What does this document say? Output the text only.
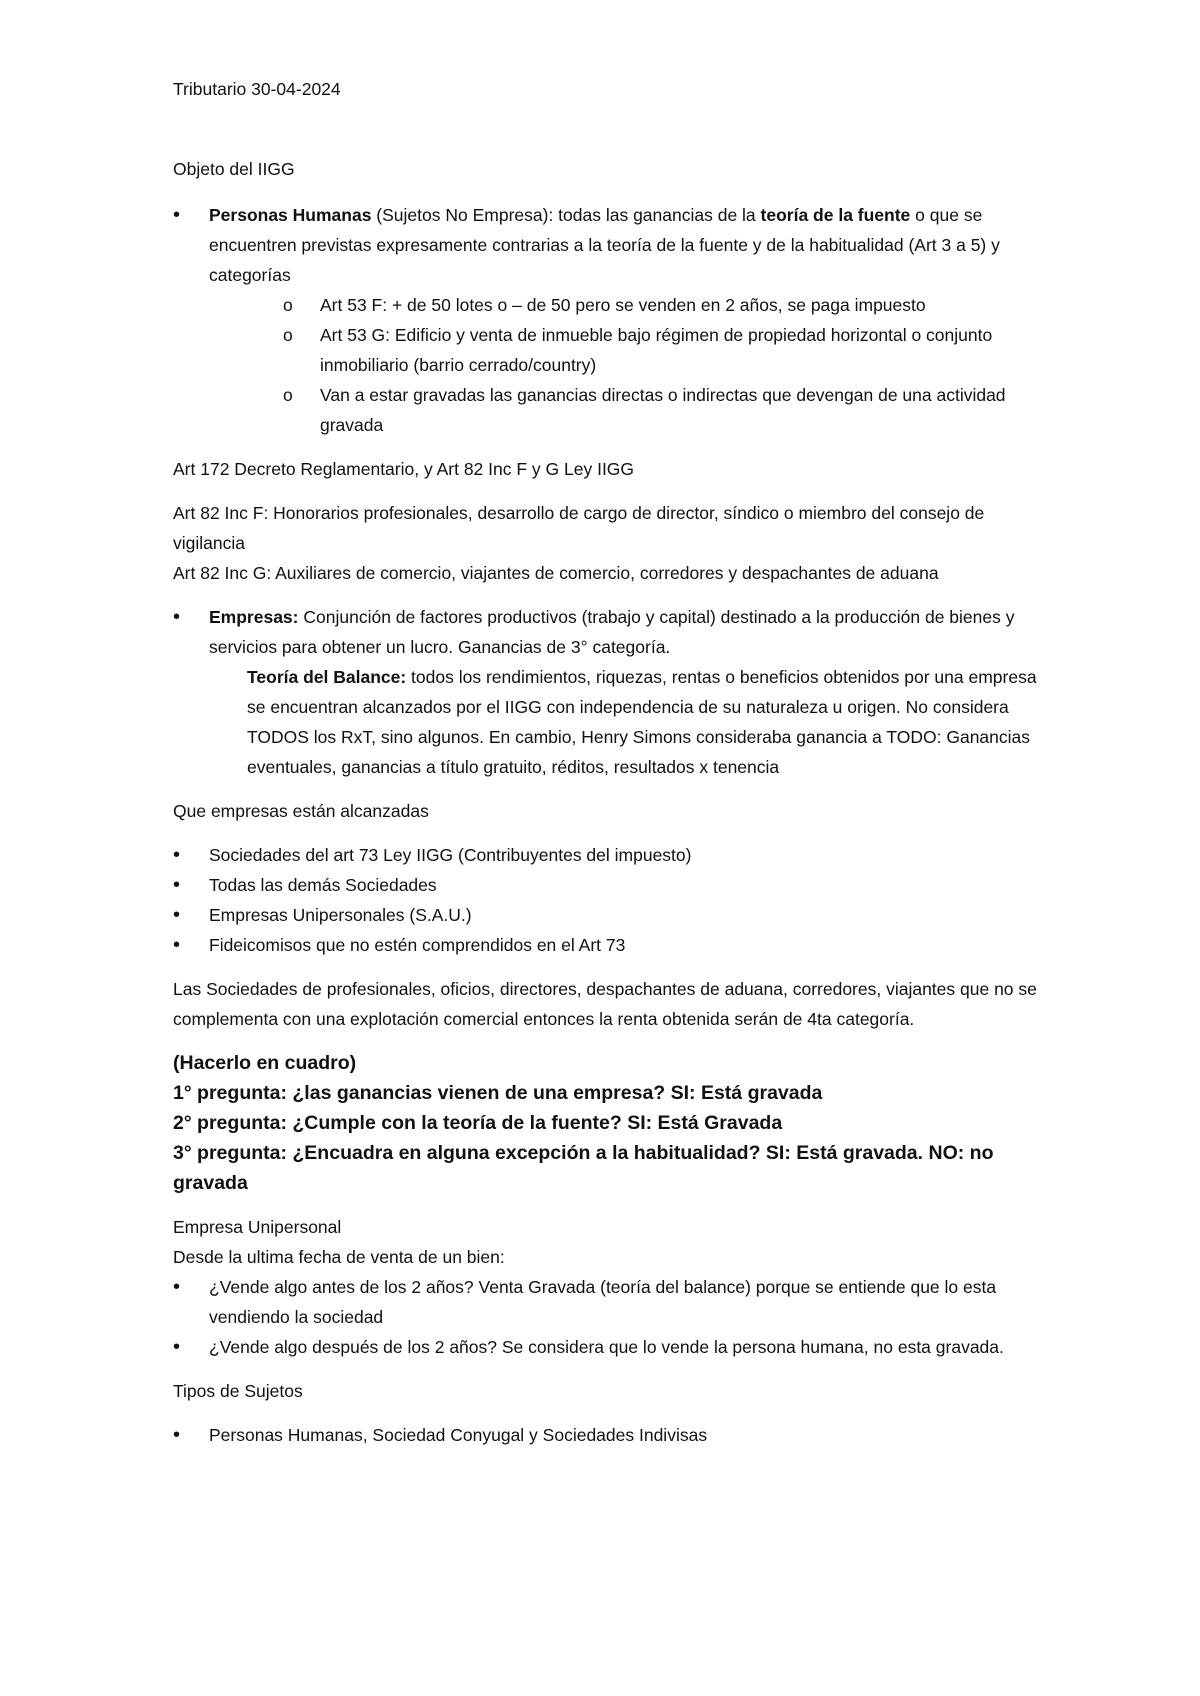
Tributario 30-04-2024

Objeto del IIGG

• Personas Humanas (Sujetos No Empresa): todas las ganancias de la teoría de la fuente o que se encuentren previstas expresamente contrarias a la teoría de la fuente y de la habitualidad (Art 3 a 5) y categorías
o Art 53 F: + de 50 lotes o – de 50 pero se venden en 2 años, se paga impuesto
o Art 53 G: Edificio y venta de inmueble bajo régimen de propiedad horizontal o conjunto inmobiliario (barrio cerrado/country)
o Van a estar gravadas las ganancias directas o indirectas que devengan de una actividad gravada

Art 172 Decreto Reglamentario, y Art 82 Inc F y G Ley IIGG

Art 82 Inc F: Honorarios profesionales, desarrollo de cargo de director, síndico o miembro del consejo de vigilancia

Art 82 Inc G: Auxiliares de comercio, viajantes de comercio, corredores y despachantes de aduana

• Empresas: Conjunción de factores productivos (trabajo y capital) destinado a la producción de bienes y servicios para obtener un lucro. Ganancias de 3° categoría.

Teoría del Balance: todos los rendimientos, riquezas, rentas o beneficios obtenidos por una empresa se encuentran alcanzados por el IIGG con independencia de su naturaleza u origen. No considera TODOS los RxT, sino algunos. En cambio, Henry Simons consideraba ganancia a TODO: Ganancias eventuales, ganancias a título gratuito, réditos, resultados x tenencia

Que empresas están alcanzadas

• Sociedades del art 73 Ley IIGG (Contribuyentes del impuesto)
• Todas las demás Sociedades
• Empresas Unipersonales (S.A.U.)
• Fideicomisos que no estén comprendidos en el Art 73

Las Sociedades de profesionales, oficios, directores, despachantes de aduana, corredores, viajantes que no se complementa con una explotación comercial entonces la renta obtenida serán de 4ta categoría.

(Hacerlo en cuadro)

1° pregunta: ¿las ganancias vienen de una empresa? SI: Está gravada

2° pregunta: ¿Cumple con la teoría de la fuente? SI: Está Gravada

3° pregunta: ¿Encuadra en alguna excepción a la habitualidad? SI: Está gravada. NO: no gravada

Empresa Unipersonal

Desde la ultima fecha de venta de un bien:

• ¿Vende algo antes de los 2 años? Venta Gravada (teoría del balance) porque se entiende que lo esta vendiendo la sociedad
• ¿Vende algo después de los 2 años? Se considera que lo vende la persona humana, no esta gravada.

Tipos de Sujetos

• Personas Humanas, Sociedad Conyugal y Sociedades Indivisas
